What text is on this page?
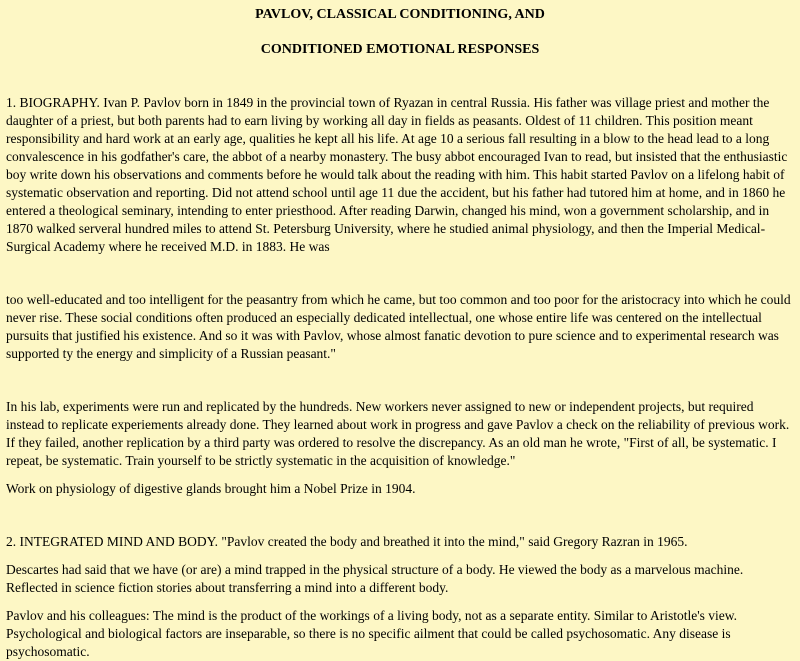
PAVLOV, CLASSICAL CONDITIONING, AND
CONDITIONED EMOTIONAL RESPONSES

1. BIOGRAPHY. Ivan P. Pavlov born in 1849 in the provincial town of Ryazan in central Russia. His father was village priest and mother the daughter of a priest, but both parents had to earn living by working all day in fields as peasants. Oldest of 11 children. This position meant responsibility and hard work at an early age, qualities he kept all his life. At age 10 a serious fall resulting in a blow to the head lead to a long convalescence in his godfather's care, the abbot of a nearby monastery. The busy abbot encouraged Ivan to read, but insisted that the enthusiastic boy write down his observations and comments before he would talk about the reading with him. This habit started Pavlov on a lifelong habit of systematic observation and reporting. Did not attend school until age 11 due the accident, but his father had tutored him at home, and in 1860 he entered a theological seminary, intending to enter priesthood. After reading Darwin, changed his mind, won a government scholarship, and in 1870 walked serveral hundred miles to attend St. Petersburg University, where he studied animal physiology, and then the Imperial Medical-Surgical Academy where he received M.D. in 1883. He was

too well-educated and too intelligent for the peasantry from which he came, but too common and too poor for the aristocracy into which he could never rise. These social conditions often produced an especially dedicated intellectual, one whose entire life was centered on the intellectual pursuits that justified his existence. And so it was with Pavlov, whose almost fanatic devotion to pure science and to experimental research was supported ty the energy and simplicity of a Russian peasant."

In his lab, experiments were run and replicated by the hundreds. New workers never assigned to new or independent projects, but required instead to replicate experiements already done. They learned about work in progress and gave Pavlov a check on the reliability of previous work. If they failed, another replication by a third party was ordered to resolve the discrepancy. As an old man he wrote, "First of all, be systematic. I repeat, be systematic. Train yourself to be strictly systematic in the acquisition of knowledge."

Work on physiology of digestive glands brought him a Nobel Prize in 1904.

2. INTEGRATED MIND AND BODY. "Pavlov created the body and breathed it into the mind," said Gregory Razran in 1965.

Descartes had said that we have (or are) a mind trapped in the physical structure of a body. He viewed the body as a marvelous machine. Reflected in science fiction stories about transferring a mind into a different body.

Pavlov and his colleagues: The mind is the product of the workings of a living body, not as a separate entity. Similar to Aristotle's view. Psychological and biological factors are inseparable, so there is no specific ailment that could be called psychosomatic. Any disease is psychosomatic.
